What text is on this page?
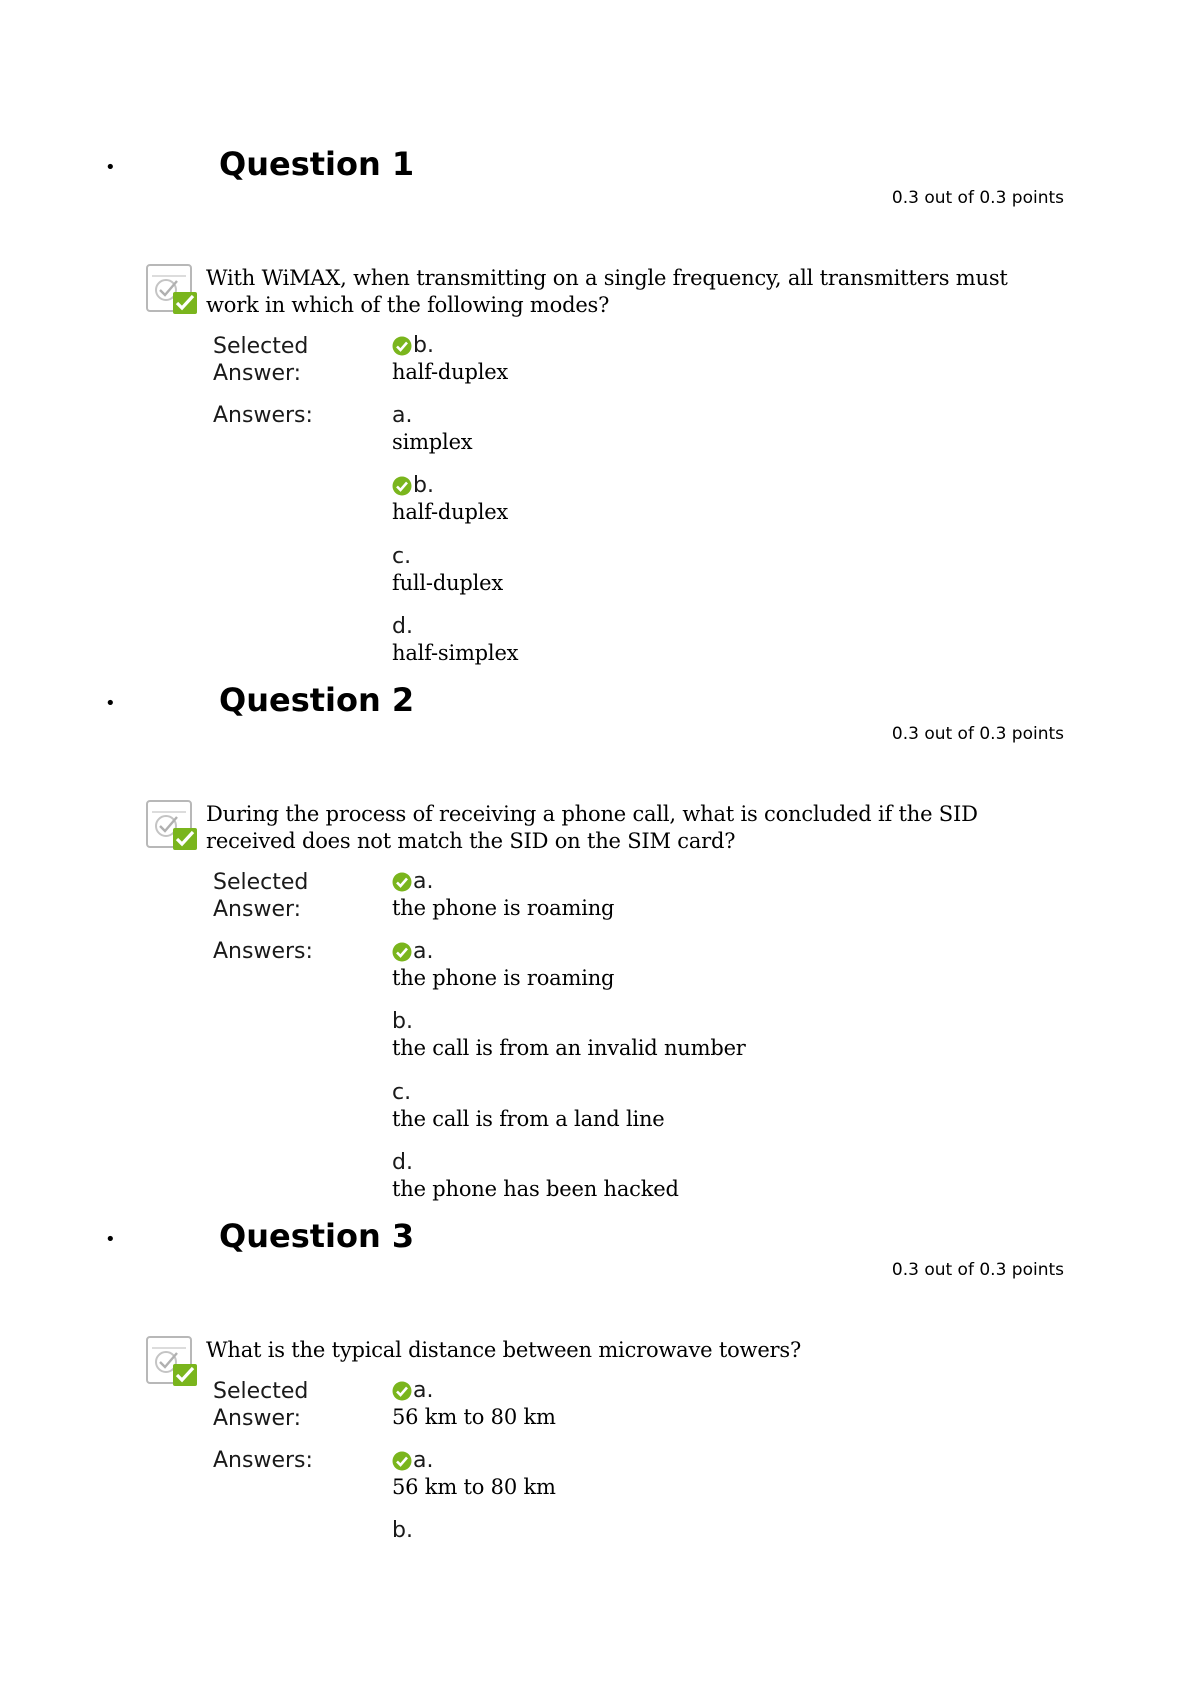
•	Question 1
0.3 out of 0.3 points
With WiMAX, when transmitting on a single frequency, all transmitters must work in which of the following modes?
Selected Answer:
b.
half-duplex
Answers:	a.
simplex
b.
half-duplex
c.
full-duplex
d.
half-simplex
•	Question 2
0.3 out of 0.3 points
During the process of receiving a phone call, what is concluded if the SID received does not match the SID on the SIM card?
Selected Answer:
a.
the phone is roaming
Answers:	a.
the phone is roaming
b.
the call is from an invalid number
c.
the call is from a land line
d.
the phone has been hacked
•	Question 3
0.3 out of 0.3 points
What is the typical distance between microwave towers?
Selected Answer:
a.
56 km to 80 km
Answers:	a.
56 km to 80 km
b.
